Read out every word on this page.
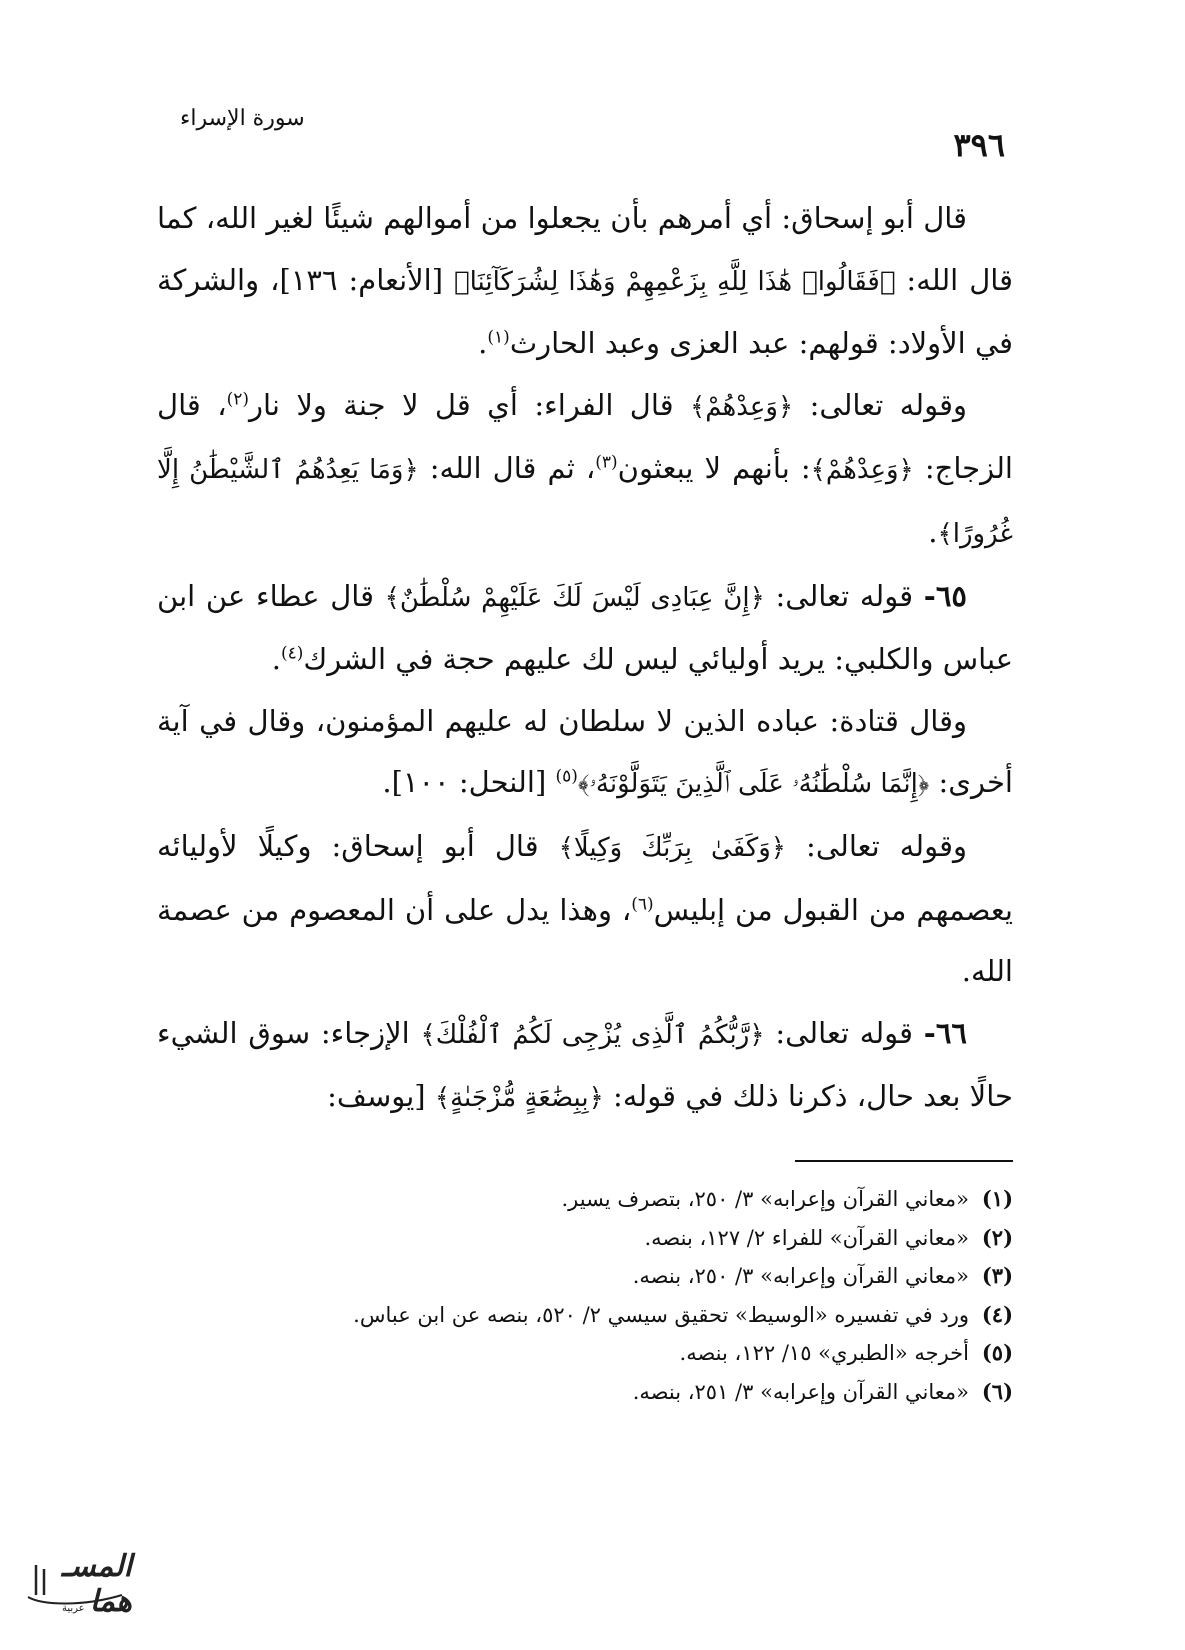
٣٩٦
سورة الإسراء

قال أبو إسحاق: أي أمرهم بأن يجعلوا من أموالهم شيئًا لغير الله، كما قال الله: ﴿فَقَالُوا۟ هَٰذَا لِلَّهِ بِزَعْمِهِمْ وَهَٰذَا لِشُرَكَآئِنَا﴾ [الأنعام: ١٣٦]، والشركة في الأولاد: قولهم: عبد العزى وعبد الحارث$^{(١)}$.

وقوله تعالى: ﴿وَعِدْهُمْ﴾ قال الفراء: أي قل لا جنة ولا نار$^{(٢)}$، قال الزجاج: ﴿وَعِدْهُمْ﴾: بأنهم لا يبعثون$^{(٣)}$، ثم قال الله: ﴿وَمَا يَعِدُهُمُ ٱلشَّيْطَٰنُ إِلَّا غُرُورًا﴾.

٦٥- قوله تعالى: ﴿إِنَّ عِبَادِى لَيْسَ لَكَ عَلَيْهِمْ سُلْطَٰنٌ﴾ قال عطاء عن ابن عباس والكلبي: يريد أوليائي ليس لك عليهم حجة في الشرك$^{(٤)}$.

وقال قتادة: عباده الذين لا سلطان له عليهم المؤمنون، وقال في آية أخرى: ﴿إِنَّمَا سُلْطَٰنُهُۥ عَلَى ٱلَّذِينَ يَتَوَلَّوْنَهُۥ﴾$^{(٥)}$ [النحل: ١٠٠].

وقوله تعالى: ﴿وَكَفَىٰ بِرَبِّكَ وَكِيلًا﴾ قال أبو إسحاق: وكيلًا لأوليائه يعصمهم من القبول من إبليس$^{(٦)}$، وهذا يدل على أن المعصوم من عصمة الله.

٦٦- قوله تعالى: ﴿رَّبُّكُمُ ٱلَّذِى يُزْجِى لَكُمُ ٱلْفُلْكَ﴾ الإزجاء: سوق الشيء حالًا بعد حال، ذكرنا ذلك في قوله: ﴿بِبِضَٰعَةٍ مُّزْجَىٰةٍ﴾ [يوسف:

(١)«معاني القرآن وإعرابه» ٣/ ٢٥٠، بتصرف يسير.
(٢)«معاني القرآن» للفراء ٢/ ١٢٧، بنصه.
(٣)«معاني القرآن وإعرابه» ٣/ ٢٥٠، بنصه.
(٤)ورد في تفسيره «الوسيط» تحقيق سيسي ٢/ ٥٢٠، بنصه عن ابن عباس.
(٥)أخرجه «الطبري» ١٥/ ١٢٢، بنصه.
(٦)«معاني القرآن وإعرابه» ٣/ ٢٥١، بنصه.
المسـ هما
عربية
